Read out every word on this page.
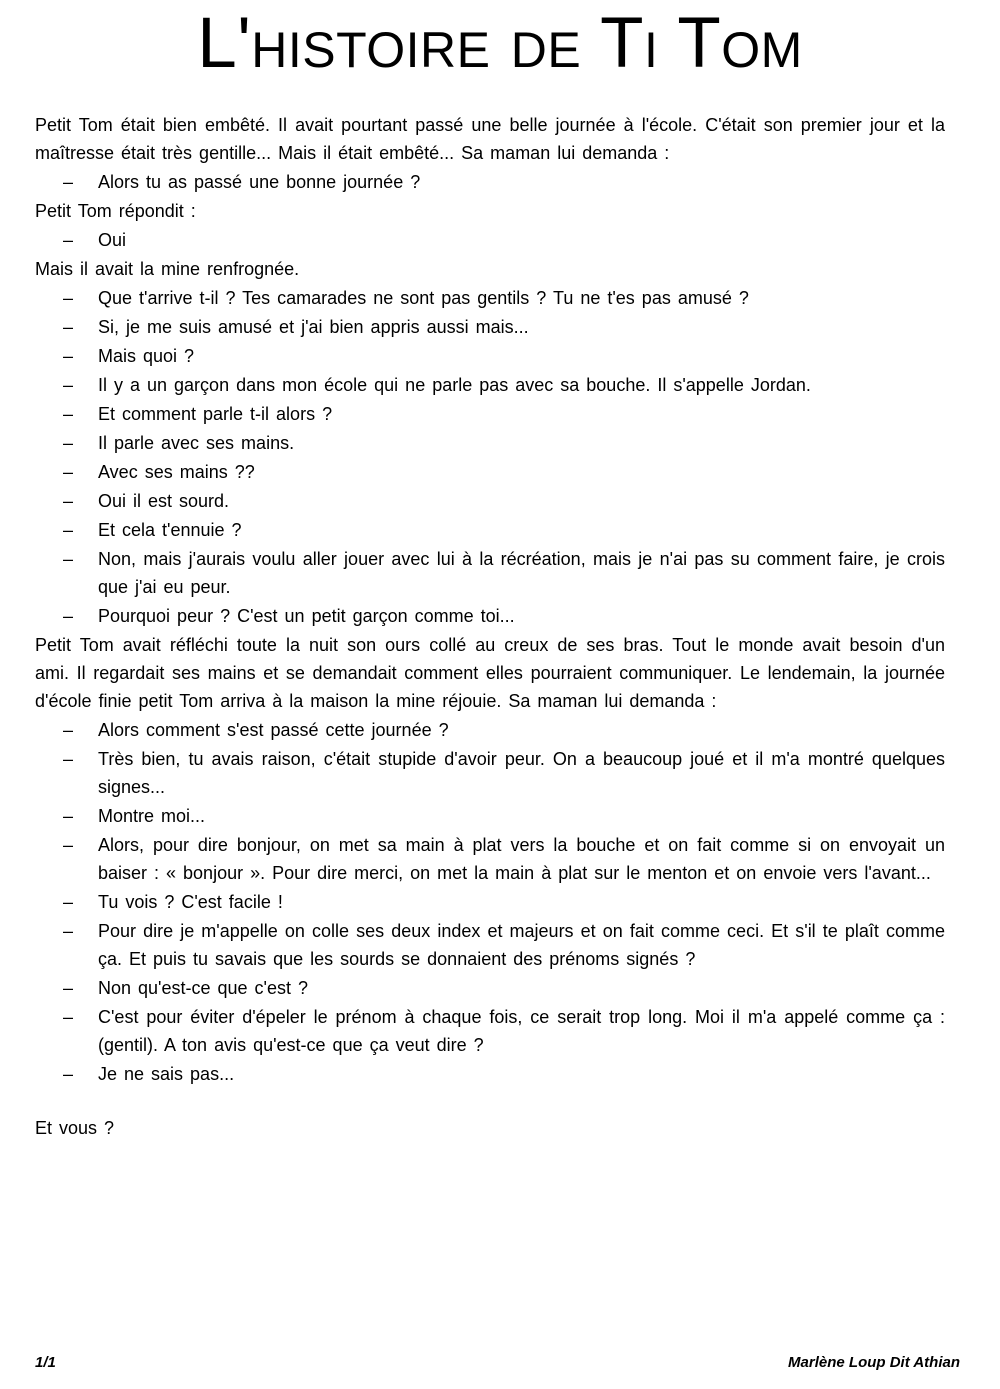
L'histoire de Ti Tom
Petit Tom était bien embêté. Il avait pourtant passé une belle journée à l'école. C'était son premier jour et la maîtresse était très gentille... Mais il était embêté... Sa maman lui demanda :
– Alors tu as passé une bonne journée ?
Petit Tom répondit :
– Oui
Mais il avait la mine renfrognée.
– Que t'arrive t-il ? Tes camarades ne sont pas gentils ? Tu ne t'es pas amusé ?
– Si, je me suis amusé et j'ai bien appris aussi mais...
– Mais quoi ?
– Il y a un garçon dans mon école qui ne parle pas avec sa bouche. Il s'appelle Jordan.
– Et comment parle t-il alors ?
– Il parle avec ses mains.
– Avec ses mains ??
– Oui il est sourd.
– Et cela t'ennuie ?
– Non, mais j'aurais voulu aller jouer avec lui à la récréation, mais je n'ai pas su comment faire, je crois que j'ai eu peur.
– Pourquoi peur ? C'est un petit garçon comme toi...
Petit Tom avait réfléchi toute la nuit son ours collé au creux de ses bras. Tout le monde avait besoin d'un ami. Il regardait ses mains et se demandait comment elles pourraient communiquer. Le lendemain, la journée d'école finie petit Tom arriva à la maison la mine réjouie. Sa maman lui demanda :
– Alors comment s'est passé cette journée ?
– Très bien, tu avais raison, c'était stupide d'avoir peur. On a beaucoup joué et il m'a montré quelques signes...
– Montre moi...
– Alors, pour dire bonjour, on met sa main à plat vers la bouche et on fait comme si on envoyait un baiser : « bonjour ». Pour dire merci, on met la main à plat sur le menton et on envoie vers l'avant...
– Tu vois ? C'est facile !
– Pour dire je m'appelle on colle ses deux index et majeurs et on fait comme ceci. Et s'il te plaît comme ça. Et puis tu savais que les sourds se donnaient des prénoms signés ?
– Non qu'est-ce que c'est ?
– C'est pour éviter d'épeler le prénom à chaque fois, ce serait trop long. Moi il m'a appelé comme ça : (gentil). A ton avis qu'est-ce que ça veut dire ?
– Je ne sais pas...
Et vous ?
1/1	Marlène Loup Dit Athian
